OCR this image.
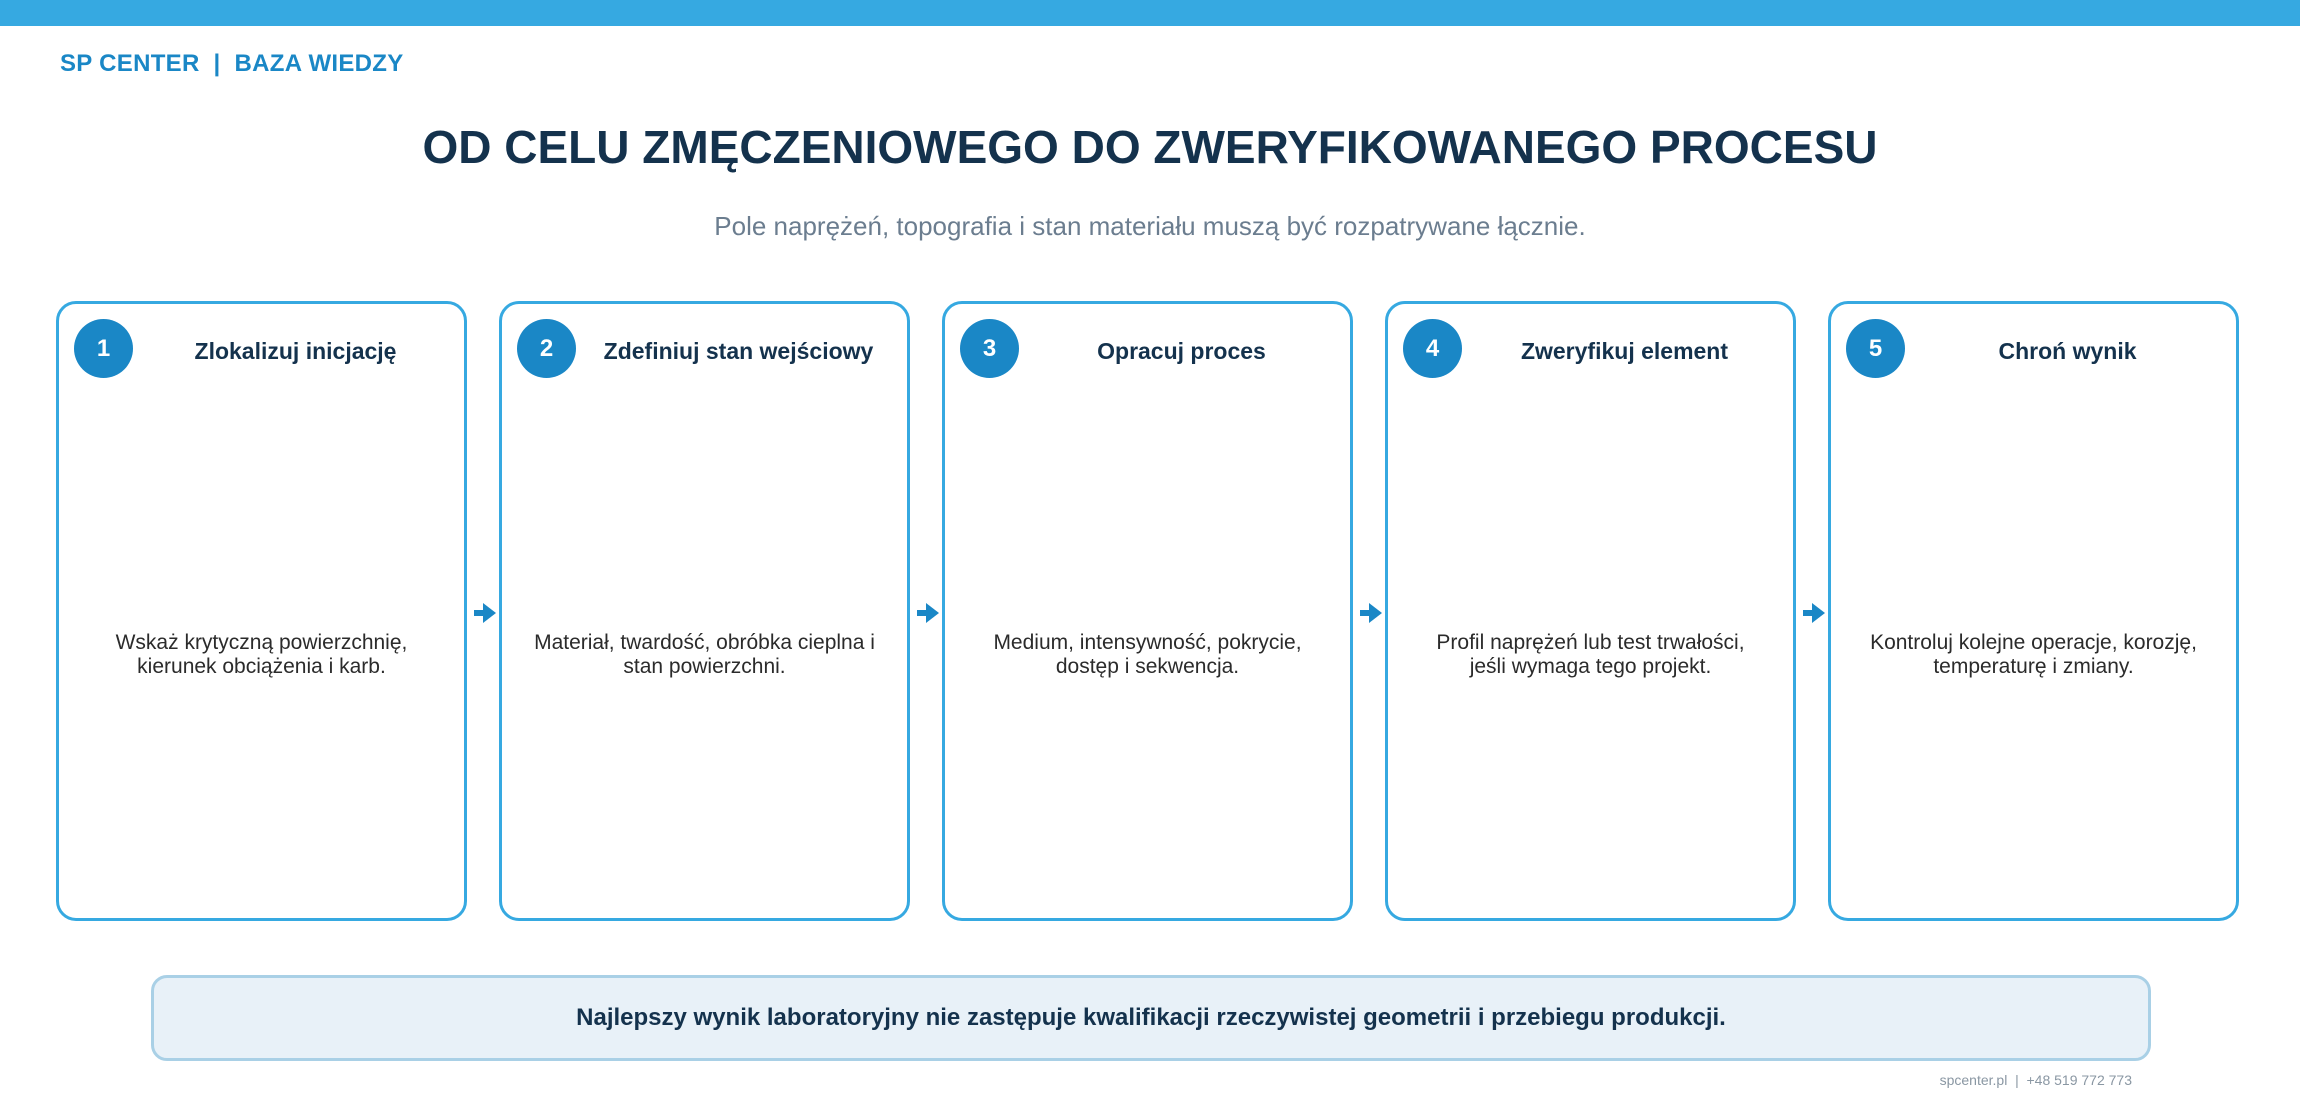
SP CENTER  |  BAZA WIEDZY
OD CELU ZMĘCZENIOWEGO DO ZWERYFIKOWANEGO PROCESU
Pole naprężeń, topografia i stan materiału muszą być rozpatrywane łącznie.
1	Zlokalizuj inicjację
Wskaż krytyczną powierzchnię, kierunek obciążenia i karb.
2	Zdefiniuj stan wejściowy
Materiał, twardość, obróbka cieplna i stan powierzchni.
3	Opracuj proces
Medium, intensywność, pokrycie, dostęp i sekwencja.
4	Zweryfikuj element
Profil naprężeń lub test trwałości, jeśli wymaga tego projekt.
5	Chroń wynik
Kontroluj kolejne operacje, korozję, temperaturę i zmiany.
Najlepszy wynik laboratoryjny nie zastępuje kwalifikacji rzeczywistej geometrii i przebiegu produkcji.
spcenter.pl  |  +48 519 772 773
